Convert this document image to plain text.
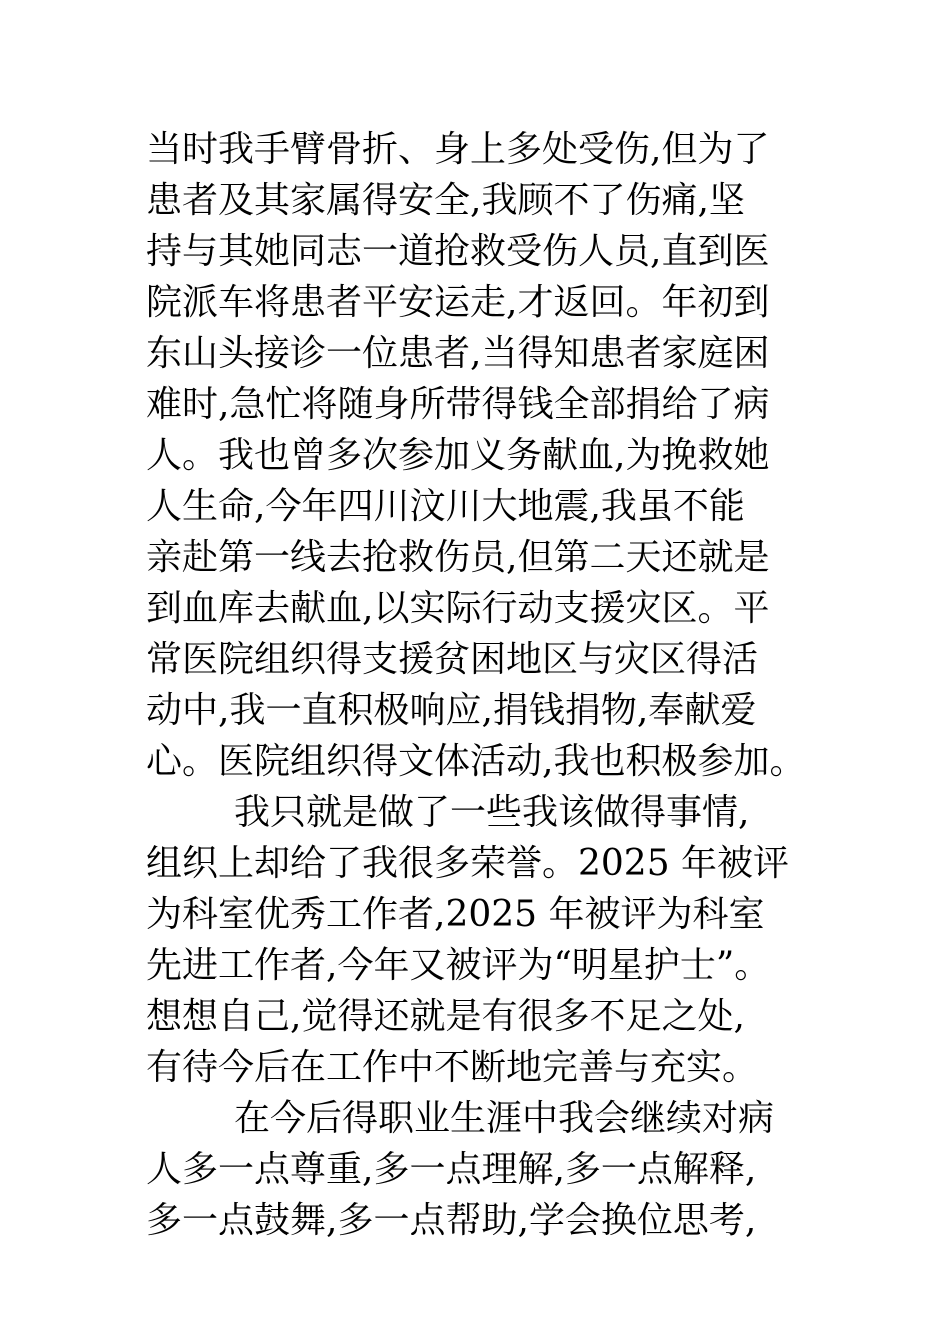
当时我手臂骨折、身上多处受伤,但为了
患者及其家属得安全,我顾不了伤痛,坚
持与其她同志一道抢救受伤人员,直到医
院派车将患者平安运走,才返回。年初到
东山头接诊一位患者,当得知患者家庭困
难时,急忙将随身所带得钱全部捐给了病
人。我也曾多次参加义务献血,为挽救她
人生命,今年四川汶川大地震,我虽不能
亲赴第一线去抢救伤员,但第二天还就是
到血库去献血,以实际行动支援灾区。平
常医院组织得支援贫困地区与灾区得活
动中,我一直积极响应,捐钱捐物,奉献爱
心。医院组织得文体活动,我也积极参加。
我只就是做了一些我该做得事情,
组织上却给了我很多荣誉。2025 年被评
为科室优秀工作者,2025 年被评为科室
先进工作者,今年又被评为“明星护士”。
想想自己,觉得还就是有很多不足之处,
有待今后在工作中不断地完善与充实。
在今后得职业生涯中我会继续对病
人多一点尊重,多一点理解,多一点解释,
多一点鼓舞,多一点帮助,学会换位思考,
